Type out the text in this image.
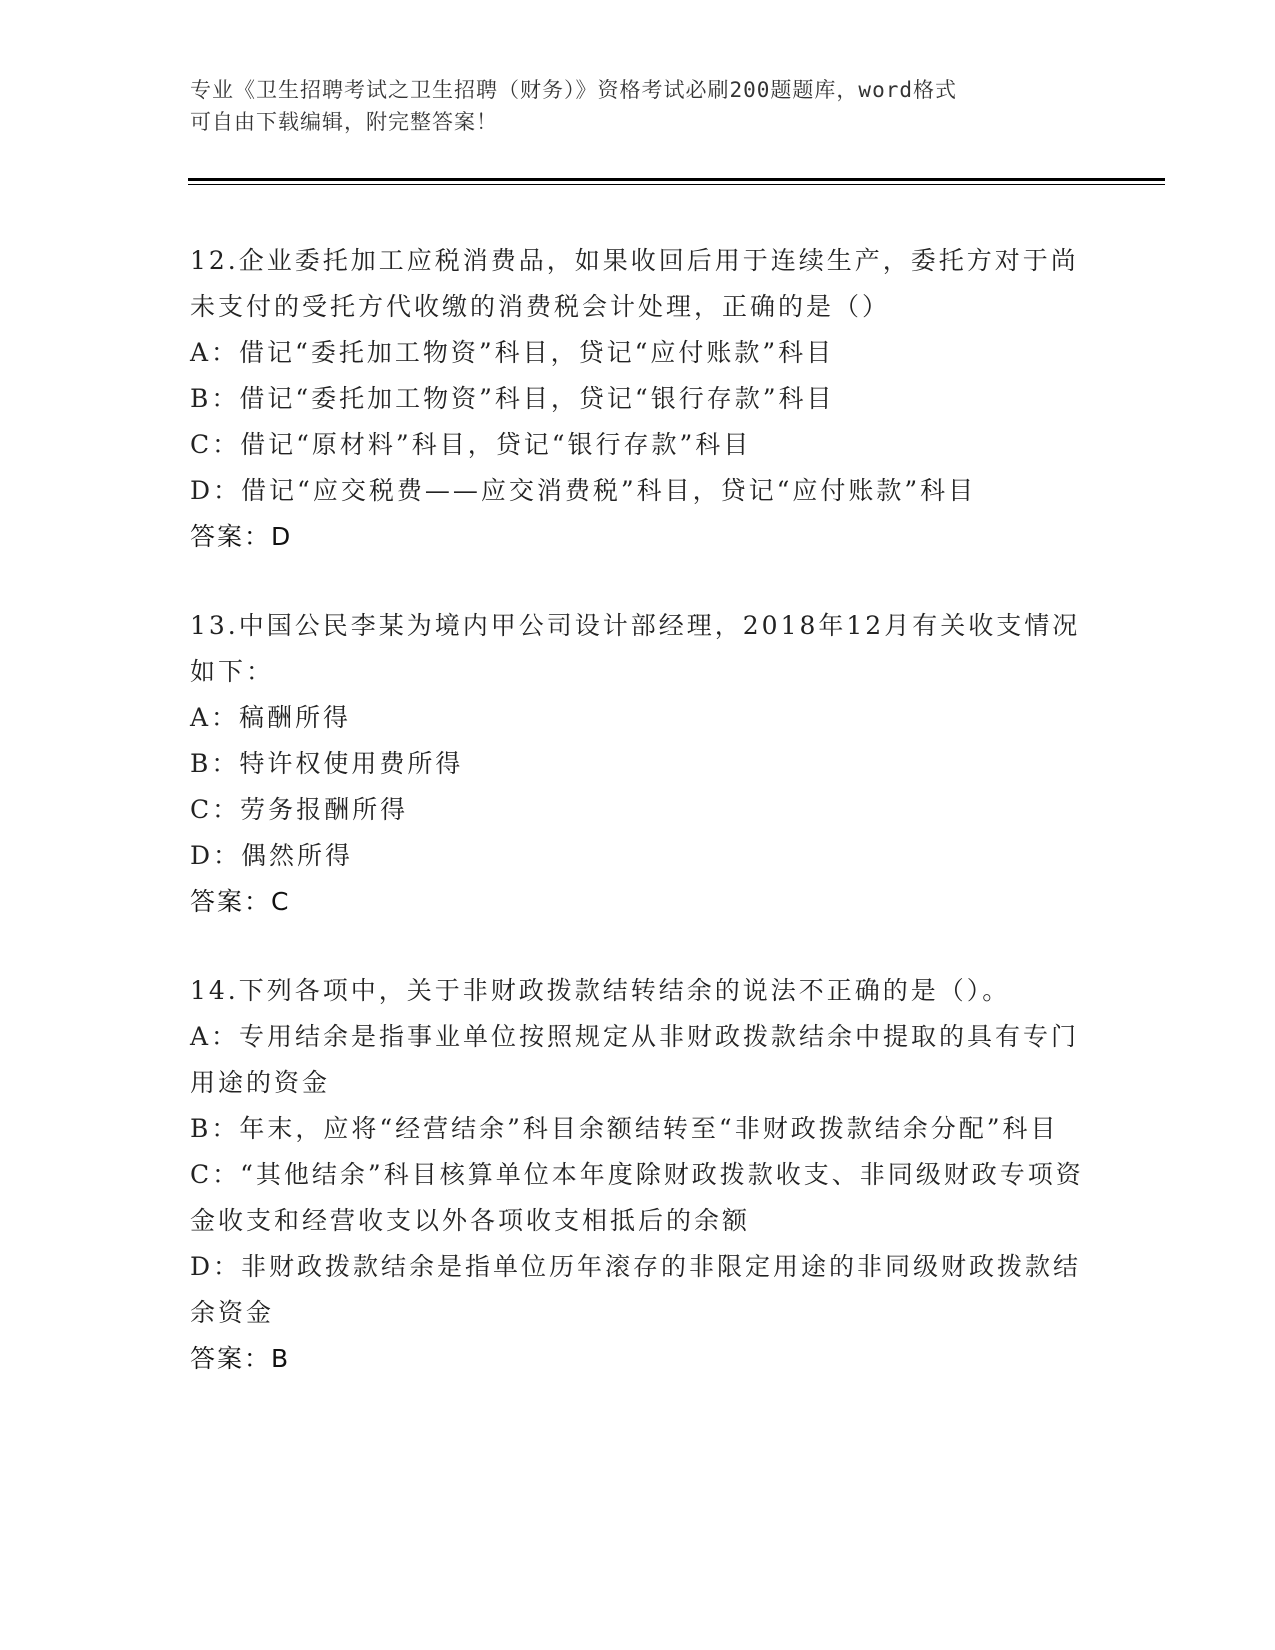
专业《卫生招聘考试之卫生招聘（财务）》资格考试必刷200题题库，word格式
可自由下载编辑，附完整答案！

12.企业委托加工应税消费品，如果收回后用于连续生产，委托方对于尚未支付的受托方代收缴的消费税会计处理，正确的是（）

A：借记“委托加工物资”科目，贷记“应付账款”科目

B：借记“委托加工物资”科目，贷记“银行存款”科目

C：借记“原材料”科目，贷记“银行存款”科目

D：借记“应交税费——应交消费税”科目，贷记“应付账款”科目

答案：D

13.中国公民李某为境内甲公司设计部经理，2018年12月有关收支情况如下：

A：稿酬所得

B：特许权使用费所得

C：劳务报酬所得

D：偶然所得

答案：C

14.下列各项中，关于非财政拨款结转结余的说法不正确的是（）。

A：专用结余是指事业单位按照规定从非财政拨款结余中提取的具有专门用途的资金

B：年末，应将“经营结余”科目余额结转至“非财政拨款结余分配”科目

C：“其他结余”科目核算单位本年度除财政拨款收支、非同级财政专项资金收支和经营收支以外各项收支相抵后的余额

D：非财政拨款结余是指单位历年滚存的非限定用途的非同级财政拨款结余资金

答案：B
